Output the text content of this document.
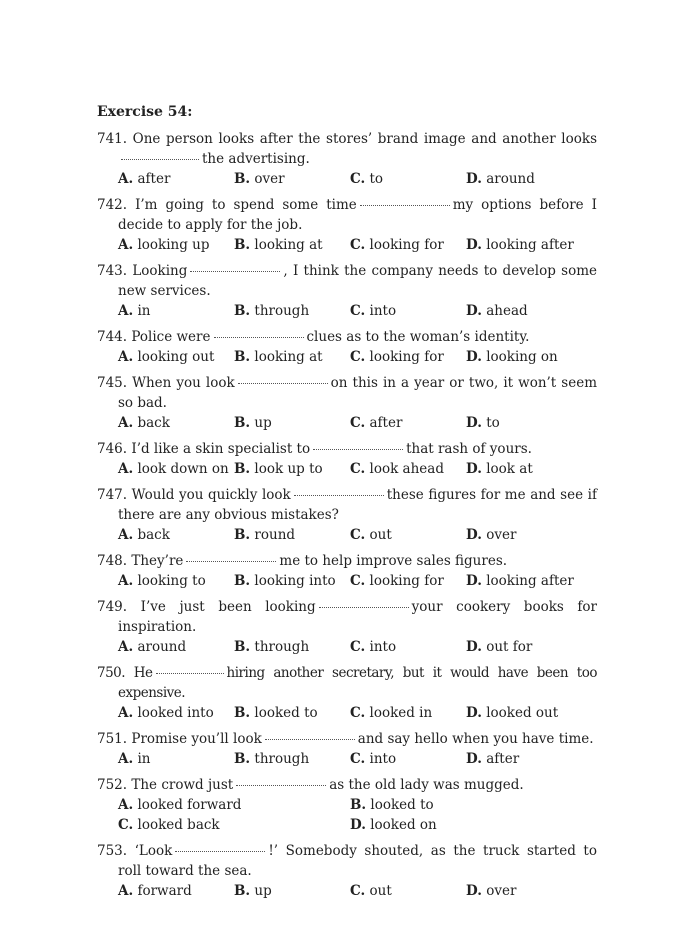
Exercise 54:
741. One person looks after the stores’ brand image and another looksthe advertising.
A. after	B. over	C. to	D. around
742. I’m going to spend some time	my options before I decide to apply for the job.
A. looking up	B. looking at	C. looking for	D. looking after
743. Looking	, I think the company needs to develop some new services.
A. in	B. through	C. into	D. ahead
744. Police were	clues as to the woman’s identity.
A. looking out	B. looking at	C. looking for	D. looking on
745. When you look	on this in a year or two, it won’t seem so bad.
A. back	B. up	C. after	D. to
746. I’d like a skin specialist to	that rash of yours.
A. look down on B. look up to	C. look ahead	D. look at
747. Would you quickly look	these figures for me and see if there are any obvious mistakes?
A. back	B. round	C. out	D. over
748. They’re	me to help improve sales figures.
A. looking to	B. looking into	C. looking for	D. looking after
749. I’ve just been looking	your cookery books for inspiration.
A. around	B. through	C. into	D. out for
750. He	hiring another secretary, but it would have been too expensive.
A. looked into	B. looked to	C. looked in	D. looked out
751. Promise you’ll look	and say hello when you have time.
A. in	B. through	C. into	D. after
752. The crowd just	as the old lady was mugged.
A. looked forward	B. looked to
C. looked back	D. looked on
753. ‘Look	!’ Somebody shouted, as the truck started to roll toward the sea.
A. forward	B. up	C. out	D. over
